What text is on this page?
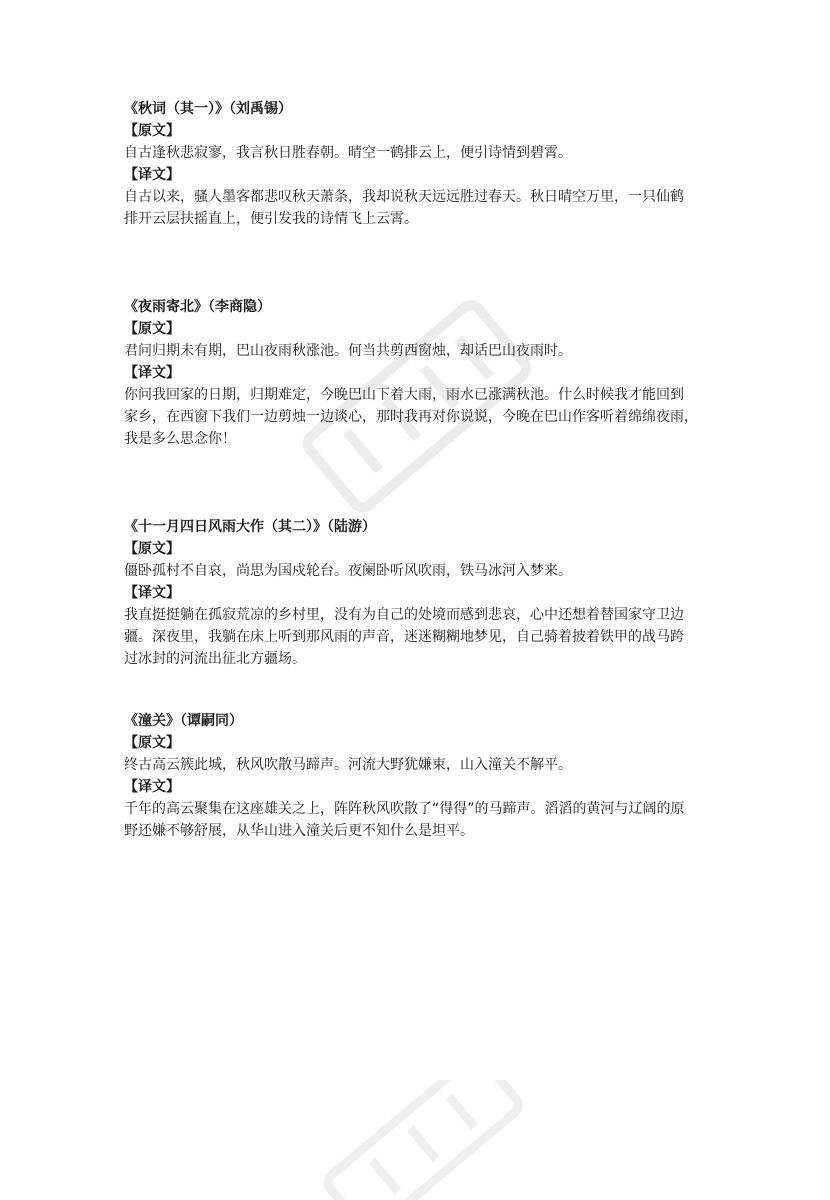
《秋词（其一）》（刘禹锡）

【原文】

自古逢秋悲寂寥，我言秋日胜春朝。晴空一鹤排云上，便引诗情到碧霄。

【译文】

自古以来，骚人墨客都悲叹秋天萧条，我却说秋天远远胜过春天。秋日晴空万里，一只仙鹤

排开云层扶摇直上，便引发我的诗情飞上云霄。

《夜雨寄北》（李商隐）

【原文】

君问归期未有期，巴山夜雨秋涨池。何当共剪西窗烛，却话巴山夜雨时。

【译文】

你问我回家的日期，归期难定，今晚巴山下着大雨，雨水已涨满秋池。什么时候我才能回到

家乡，在西窗下我们一边剪烛一边谈心，那时我再对你说说，今晚在巴山作客听着绵绵夜雨，

我是多么思念你！

《十一月四日风雨大作（其二）》（陆游）

【原文】

僵卧孤村不自哀，尚思为国戍轮台。夜阑卧听风吹雨，铁马冰河入梦来。

【译文】

我直挺挺躺在孤寂荒凉的乡村里，没有为自己的处境而感到悲哀，心中还想着替国家守卫边

疆。深夜里，我躺在床上听到那风雨的声音，迷迷糊糊地梦见，自己骑着披着铁甲的战马跨

过冰封的河流出征北方疆场。

《潼关》（谭嗣同）

【原文】

终古高云簇此城，秋风吹散马蹄声。河流大野犹嫌束，山入潼关不解平。

【译文】

千年的高云聚集在这座雄关之上，阵阵秋风吹散了“得得”的马蹄声。滔滔的黄河与辽阔的原

野还嫌不够舒展，从华山进入潼关后更不知什么是坦平。
